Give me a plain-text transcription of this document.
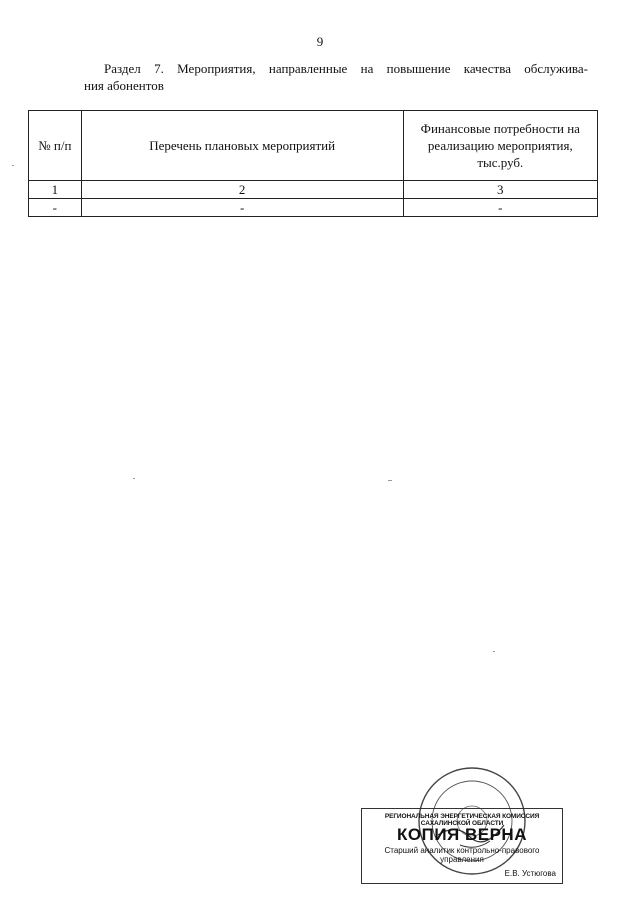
9
Раздел 7. Мероприятия, направленные на повышение качества обслужива-
ния абонентов
№ п/п	Перечень плановых мероприятий	Финансовые потребности на реализацию мероприятия, тыс.руб.
1	2	3
-	-	-
РЕГИОНАЛЬНАЯ ЭНЕРГЕТИЧЕСКАЯ КОМИССИЯ САХАЛИНСКОЙ ОБЛАСТИ
КОПИЯ ВЕРНА
Старший аналитик контрольно-правового управления
Е.В. Устюгова
